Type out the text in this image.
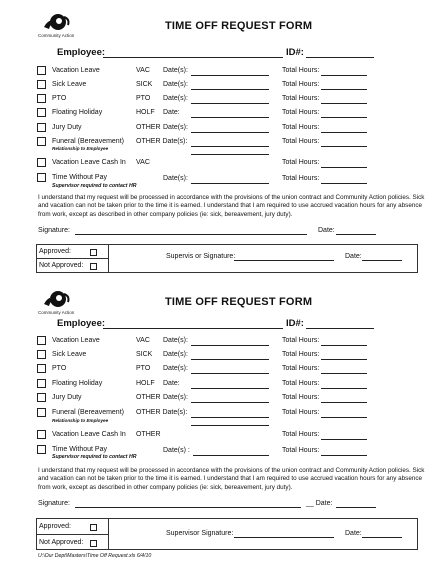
Community Action
TIME OFF REQUEST FORM
Employee:	ID#:
Vacation Leave	VAC Date(s):	Total Hours:
Sick Leave	SICK Date(s):	Total Hours:
PTO	PTO Date(s):	Total Hours:
Floating Holiday	HOLF Date:	Total Hours:
Jury Duty	OTHER Date(s):	Total Hours:
Funeral (Bereavement)
Relationship to Employee
OTHER Date(s):	Total Hours:
Vacation Leave Cash In VAC	Total Hours:
Time Without Pay
Supervisor required to contact HR
Date(s):	Total Hours:
I understand that my request will be processed in accordance with the provisions of the union contract and Community Action policies. Sick and vacation can not be taken prior to the time it is earned. I understand that I am required to use accrued vacation hours for any absence from work, except as described in other company policies (ie: sick, bereavement, jury duty).
Signature:	Date:
Approved:
Not Approved:
Supervis or Signature:	Date:
Community Action
TIME OFF REQUEST FORM
Employee:	ID#:
Vacation Leave	VAC Date(s):	Total Hours:
Sick Leave	SICK Date(s):	Total Hours:
PTO	PTO Date(s):	Total Hours:
Floating Holiday	HOLF Date:	Total Hours:
Jury Duty	OTHER Date(s):	Total Hours:
Funeral (Bereavement)
Relationship to Employee
OTHER Date(s):	Total Hours:
Vacation Leave Cash In OTHER	Total Hours:
Time Without Pay
Supervisor required to contact HR
Date(s) :	Total Hours:
I understand that my request will be processed in accordance with the provisions of the union contract and Community Action policies. Sick and vacation can not be taken prior to the time it is earned. I understand that I am required to use accrued vacation hours for any absence from work, except as described in other company policies (ie: sick, bereavement, jury duty).
Signature:	__ Date:
Approved:
Not Approved:
Supervisor Signature:	Date:
U:\Our Dept\Masters\Time Off Request.xls 6/4/10
